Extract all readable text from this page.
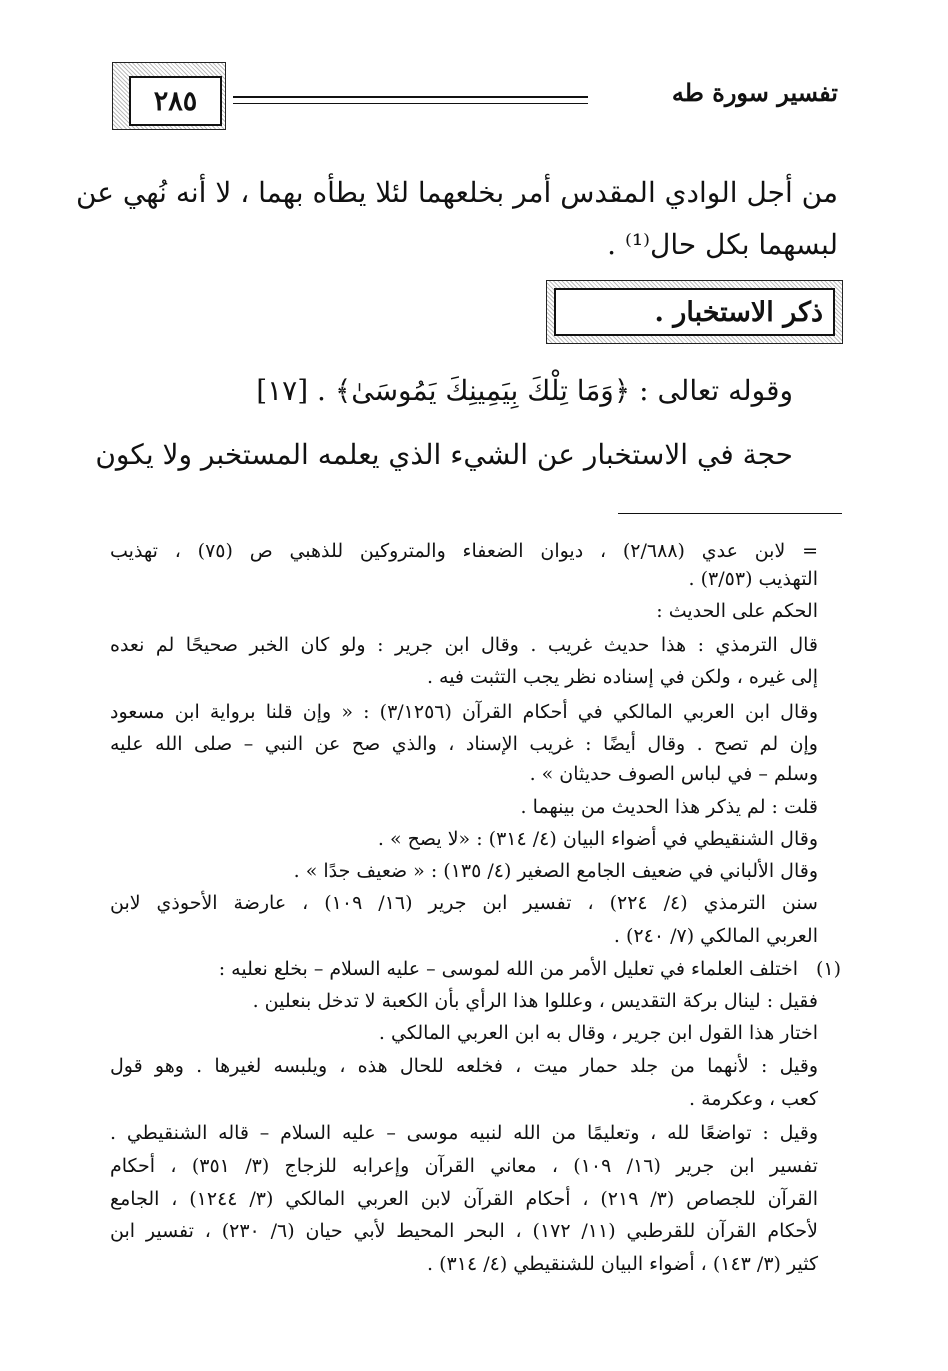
٢٨٥	تفسير سورة طه
من أجل الوادي المقدس أمر بخلعهما لئلا يطأه بهما ، لا أنه نُهي عن
لبسهما بكل حال⁽¹⁾ .
ذكر الاستخبار .
وقوله تعالى : ﴿وَمَا تِلْكَ بِيَمِينِكَ يَمُوسَىٰ﴾ . [١٧]
حجة في الاستخبار عن الشيء الذي يعلمه المستخبر ولا يكون
= لابن عدي (٢/٦٨٨) ، ديوان الضعفاء والمتروكين للذهبي ص (٧٥) ، تهذيب
التهذيب (٣/٥٣) .
الحكم على الحديث :
قال الترمذي : هذا حديث غريب . وقال ابن جرير : ولو كان الخبر صحيحًا لم نعده
إلى غيره ، ولكن في إسناده نظر يجب التثبت فيه .
وقال ابن العربي المالكي في أحكام القرآن (٣/١٢٥٦) : « وإن قلنا برواية ابن مسعود
وإن لم تصح . وقال أيضًا : غريب الإسناد ، والذي صح عن النبي – صلى الله عليه
وسلم – في لباس الصوف حديثان » .
قلت : لم يذكر هذا الحديث من بينهما .
وقال الشنقيطي في أضواء البيان (٤/ ٣١٤) : «لا يصح » .
وقال الألباني في ضعيف الجامع الصغير (٤/ ١٣٥) : « ضعيف جدًا » .
سنن الترمذي (٤/ ٢٢٤) ، تفسير ابن جرير (١٦/ ١٠٩) ، عارضة الأحوذي لابن
العربي المالكي (٧/ ٢٤٠) .
(١)
اختلف العلماء في تعليل الأمر من الله لموسى – عليه السلام – بخلع نعليه :
فقيل : لينال بركة التقديس ، وعللوا هذا الرأي بأن الكعبة لا تدخل بنعلين .
اختار هذا القول ابن جرير ، وقال به ابن العربي المالكي .
وقيل : لأنهما من جلد حمار ميت ، فخلعه للحال هذه ، ويلبسه لغيرها . وهو قول
كعب ، وعكرمة .
وقيل : تواضعًا لله ، وتعليمًا من الله لنبيه موسى – عليه السلام – قاله الشنقيطي .
تفسير ابن جرير (١٦/ ١٠٩) ، معاني القرآن وإعرابه للزجاج (٣/ ٣٥١) ، أحكام
القرآن للجصاص (٣/ ٢١٩) ، أحكام القرآن لابن العربي المالكي (٣/ ١٢٤٤) ، الجامع
لأحكام القرآن للقرطبي (١١/ ١٧٢) ، البحر المحيط لأبي حيان (٦/ ٢٣٠) ، تفسير ابن
كثير (٣/ ١٤٣) ، أضواء البيان للشنقيطي (٤/ ٣١٤) .
